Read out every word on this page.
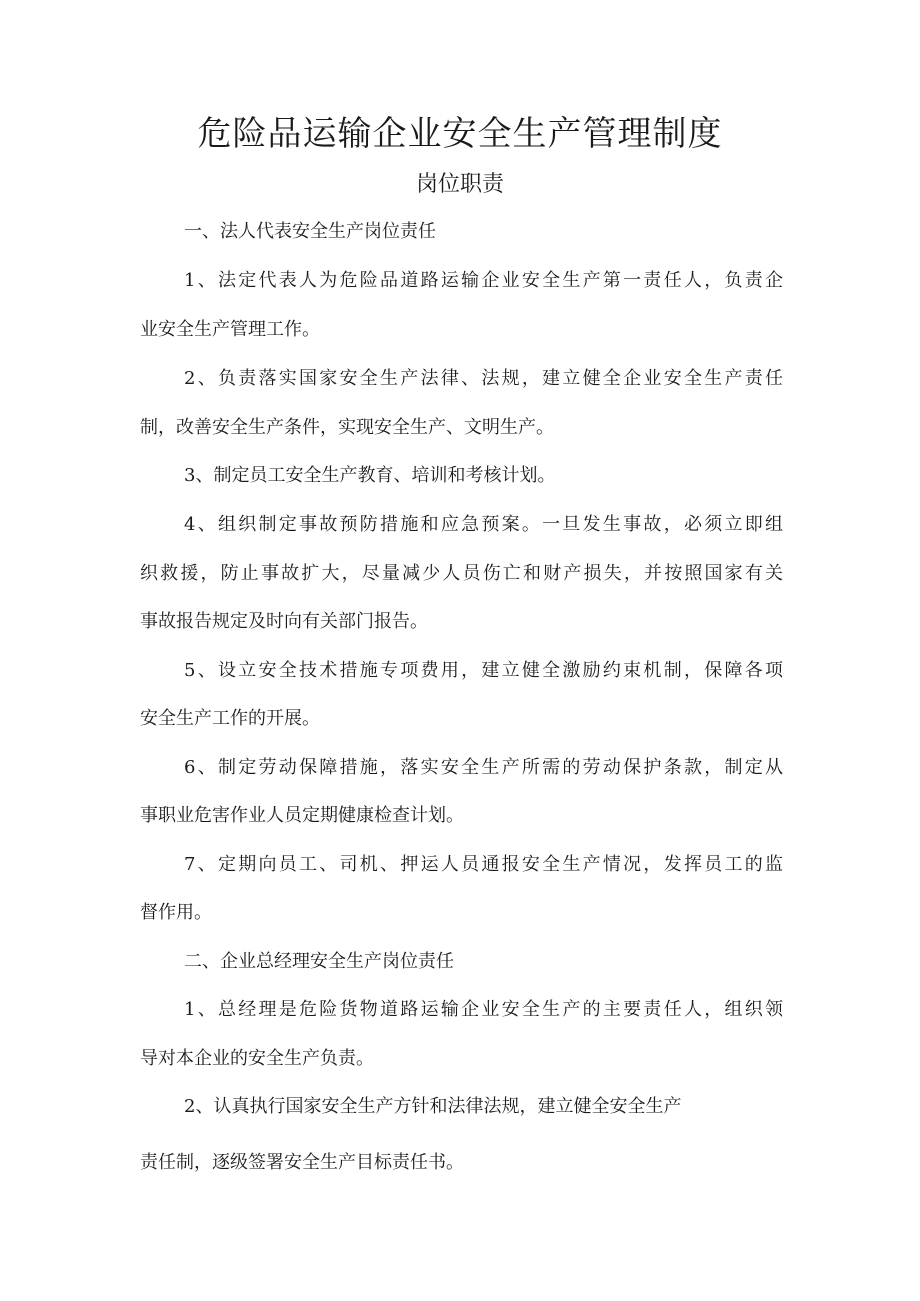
危险品运输企业安全生产管理制度
岗位职责
一、法人代表安全生产岗位责任
1、法定代表人为危险品道路运输企业安全生产第一责任人，负责企
业安全生产管理工作。
2、负责落实国家安全生产法律、法规，建立健全企业安全生产责任
制，改善安全生产条件，实现安全生产、文明生产。
3、制定员工安全生产教育、培训和考核计划。
4、组织制定事故预防措施和应急预案。一旦发生事故，必须立即组
织救援，防止事故扩大，尽量减少人员伤亡和财产损失，并按照国家有关
事故报告规定及时向有关部门报告。
5、设立安全技术措施专项费用，建立健全激励约束机制，保障各项
安全生产工作的开展。
6、制定劳动保障措施，落实安全生产所需的劳动保护条款，制定从
事职业危害作业人员定期健康检查计划。
7、定期向员工、司机、押运人员通报安全生产情况，发挥员工的监
督作用。
二、企业总经理安全生产岗位责任
1、总经理是危险货物道路运输企业安全生产的主要责任人，组织领
导对本企业的安全生产负责。
2、认真执行国家安全生产方针和法律法规，建立健全安全生产
责任制，逐级签署安全生产目标责任书。
